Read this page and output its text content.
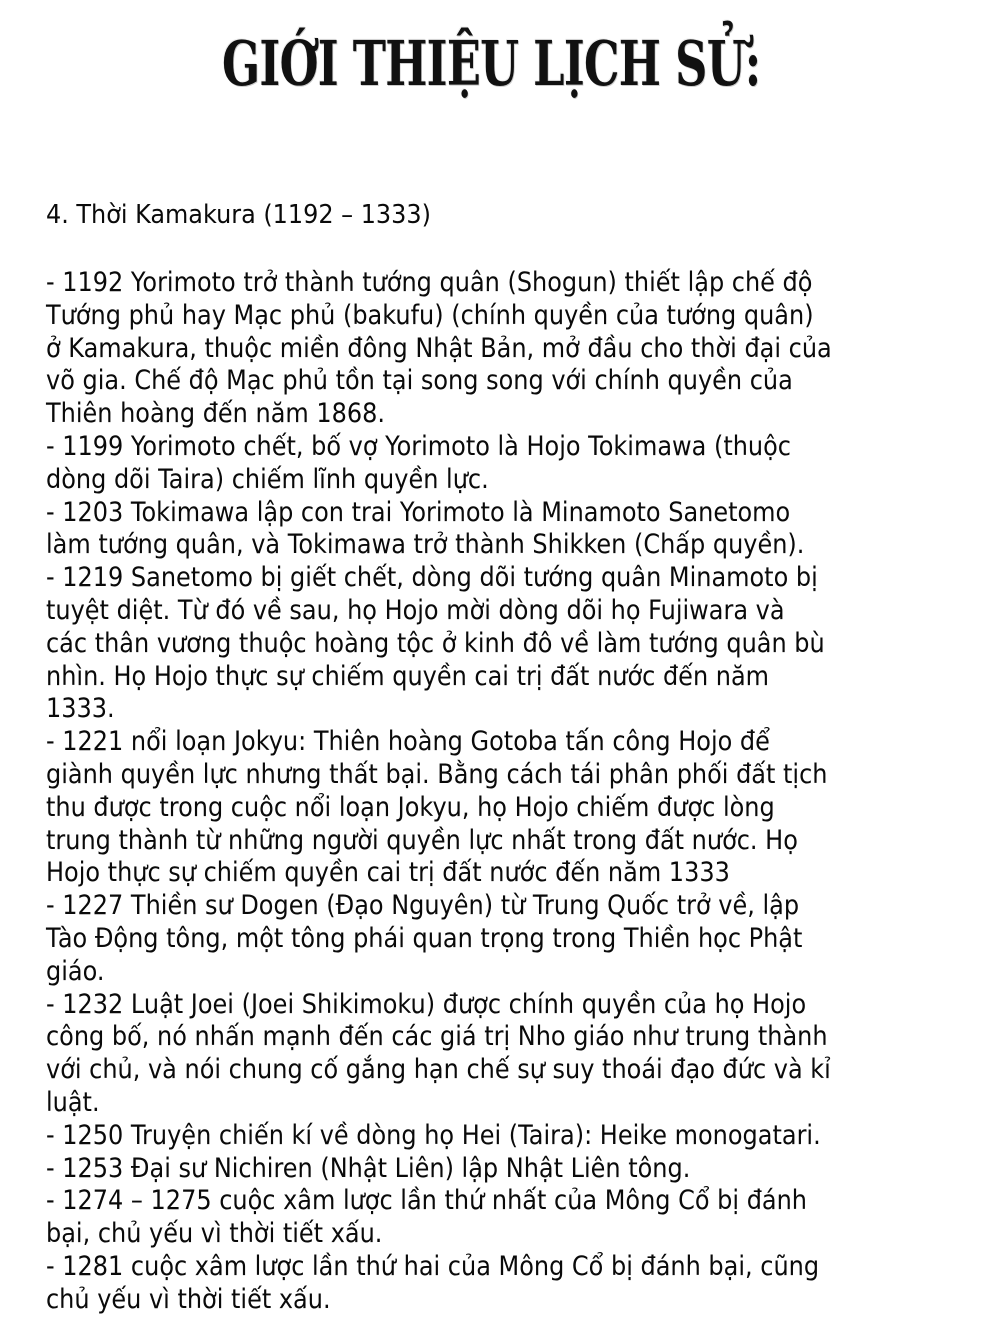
GIỚI THIỆU LỊCH SỬ:
4. Thời Kamakura (1192 – 1333)
- 1192 Yorimoto trở thành tướng quân (Shogun) thiết lập chế độ
Tướng phủ hay Mạc phủ (bakufu) (chính quyền của tướng quân)
ở Kamakura, thuộc miền đông Nhật Bản, mở đầu cho thời đại của
võ gia. Chế độ Mạc phủ tồn tại song song với chính quyền của
Thiên hoàng đến năm 1868.
- 1199 Yorimoto chết, bố vợ Yorimoto là Hojo Tokimawa (thuộc
dòng dõi Taira) chiếm lĩnh quyền lực.
- 1203 Tokimawa lập con trai Yorimoto là Minamoto Sanetomo
làm tướng quân, và Tokimawa trở thành Shikken (Chấp quyền).
- 1219 Sanetomo bị giết chết, dòng dõi tướng quân Minamoto bị
tuyệt diệt. Từ đó về sau, họ Hojo mời dòng dõi họ Fujiwara và
các thân vương thuộc hoàng tộc ở kinh đô về làm tướng quân bù
nhìn. Họ Hojo thực sự chiếm quyền cai trị đất nước đến năm
1333.
- 1221 nổi loạn Jokyu: Thiên hoàng Gotoba tấn công Hojo để
giành quyền lực nhưng thất bại. Bằng cách tái phân phối đất tịch
thu được trong cuộc nổi loạn Jokyu, họ Hojo chiếm được lòng
trung thành từ những người quyền lực nhất trong đất nước. Họ
Hojo thực sự chiếm quyền cai trị đất nước đến năm 1333
- 1227 Thiền sư Dogen (Đạo Nguyên) từ Trung Quốc trở về, lập
Tào Động tông, một tông phái quan trọng trong Thiền học Phật
giáo.
- 1232 Luật Joei (Joei Shikimoku) được chính quyền của họ Hojo
công bố, nó nhấn mạnh đến các giá trị Nho giáo như trung thành
với chủ, và nói chung cố gắng hạn chế sự suy thoái đạo đức và kỉ
luật.
- 1250 Truyện chiến kí về dòng họ Hei (Taira): Heike monogatari.
- 1253 Đại sư Nichiren (Nhật Liên) lập Nhật Liên tông.
- 1274 – 1275 cuộc xâm lược lần thứ nhất của Mông Cổ bị đánh
bại, chủ yếu vì thời tiết xấu.
- 1281 cuộc xâm lược lần thứ hai của Mông Cổ bị đánh bại, cũng
chủ yếu vì thời tiết xấu.
